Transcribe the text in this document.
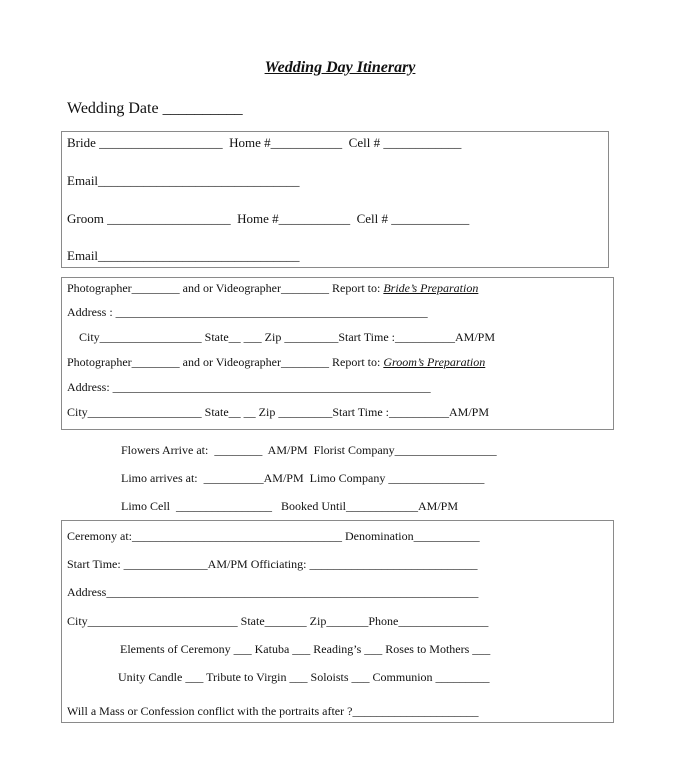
Wedding Day Itinerary
Wedding Date __________
Bride ___________________  Home #___________  Cell # ____________
Email_______________________________
Groom ___________________  Home #___________  Cell # ____________
Email_______________________________
Photographer________ and or Videographer________ Report to: Bride’s Preparation
Address : ____________________________________________________
City_________________ State__ ___ Zip _________Start Time :__________AM/PM
Photographer________ and or Videographer________ Report to: Groom’s Preparation
Address: _____________________________________________________
City___________________ State__ __ Zip _________Start Time :__________AM/PM
Flowers Arrive at:  ________  AM/PM  Florist Company_________________
Limo arrives at:  __________AM/PM  Limo Company ________________
Limo Cell  ________________   Booked Until____________AM/PM
Ceremony at:___________________________________ Denomination___________
Start Time: ______________AM/PM Officiating: ____________________________
Address______________________________________________________________
City_________________________ State_______ Zip_______Phone_______________
Elements of Ceremony ___ Katuba ___ Reading’s ___ Roses to Mothers ___
Unity Candle ___ Tribute to Virgin ___ Soloists ___ Communion _________
Will a Mass or Confession conflict with the portraits after ?_____________________
